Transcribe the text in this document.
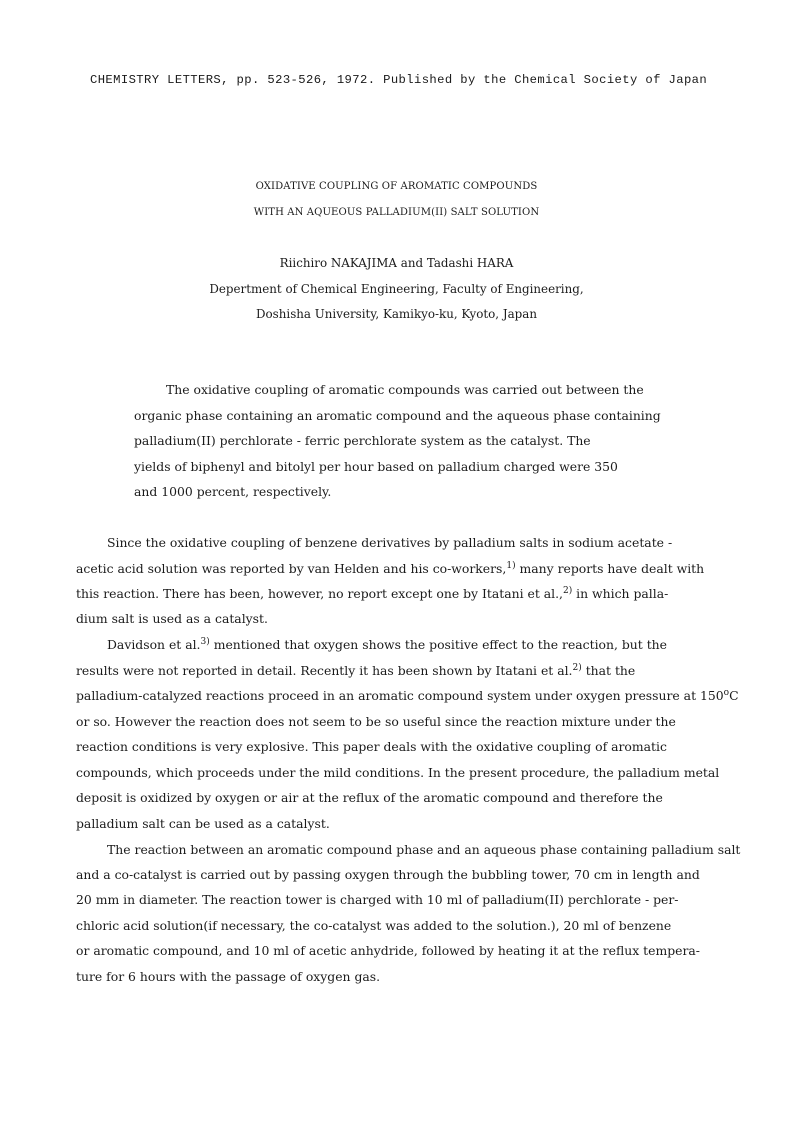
CHEMISTRY LETTERS, pp. 523-526, 1972. Published by the Chemical Society of Japan
OXIDATIVE COUPLING OF AROMATIC COMPOUNDS
WITH AN AQUEOUS PALLADIUM(II) SALT SOLUTION
Riichiro NAKAJIMA and Tadashi HARA
Depertment of Chemical Engineering, Faculty of Engineering,
Doshisha University, Kamikyo-ku, Kyoto, Japan
The oxidative coupling of aromatic compounds was carried out between the
organic phase containing an aromatic compound and the aqueous phase containing
palladium(II) perchlorate - ferric perchlorate system as the catalyst. The
yields of biphenyl and bitolyl per hour based on palladium charged were 350
and 1000 percent, respectively.
Since the oxidative coupling of benzene derivatives by palladium salts in sodium acetate -
acetic acid solution was reported by van Helden and his co-workers,$^{1)}$ many reports have dealt with
this reaction. There has been, however, no report except one by Itatani et al.,$^{2)}$ in which palla-
dium salt is used as a catalyst.
Davidson et al.$^{3)}$ mentioned that oxygen shows the positive effect to the reaction, but the
results were not reported in detail. Recently it has been shown by Itatani et al.$^{2)}$ that the
palladium-catalyzed reactions proceed in an aromatic compound system under oxygen pressure at 150$^o$C
or so. However the reaction does not seem to be so useful since the reaction mixture under the
reaction conditions is very explosive. This paper deals with the oxidative coupling of aromatic
compounds, which proceeds under the mild conditions. In the present procedure, the palladium metal
deposit is oxidized by oxygen or air at the reflux of the aromatic compound and therefore the
palladium salt can be used as a catalyst.
The reaction between an aromatic compound phase and an aqueous phase containing palladium salt
and a co-catalyst is carried out by passing oxygen through the bubbling tower, 70 cm in length and
20 mm in diameter. The reaction tower is charged with 10 ml of palladium(II) perchlorate - per-
chloric acid solution(if necessary, the co-catalyst was added to the solution.), 20 ml of benzene
or aromatic compound, and 10 ml of acetic anhydride, followed by heating it at the reflux tempera-
ture for 6 hours with the passage of oxygen gas.
